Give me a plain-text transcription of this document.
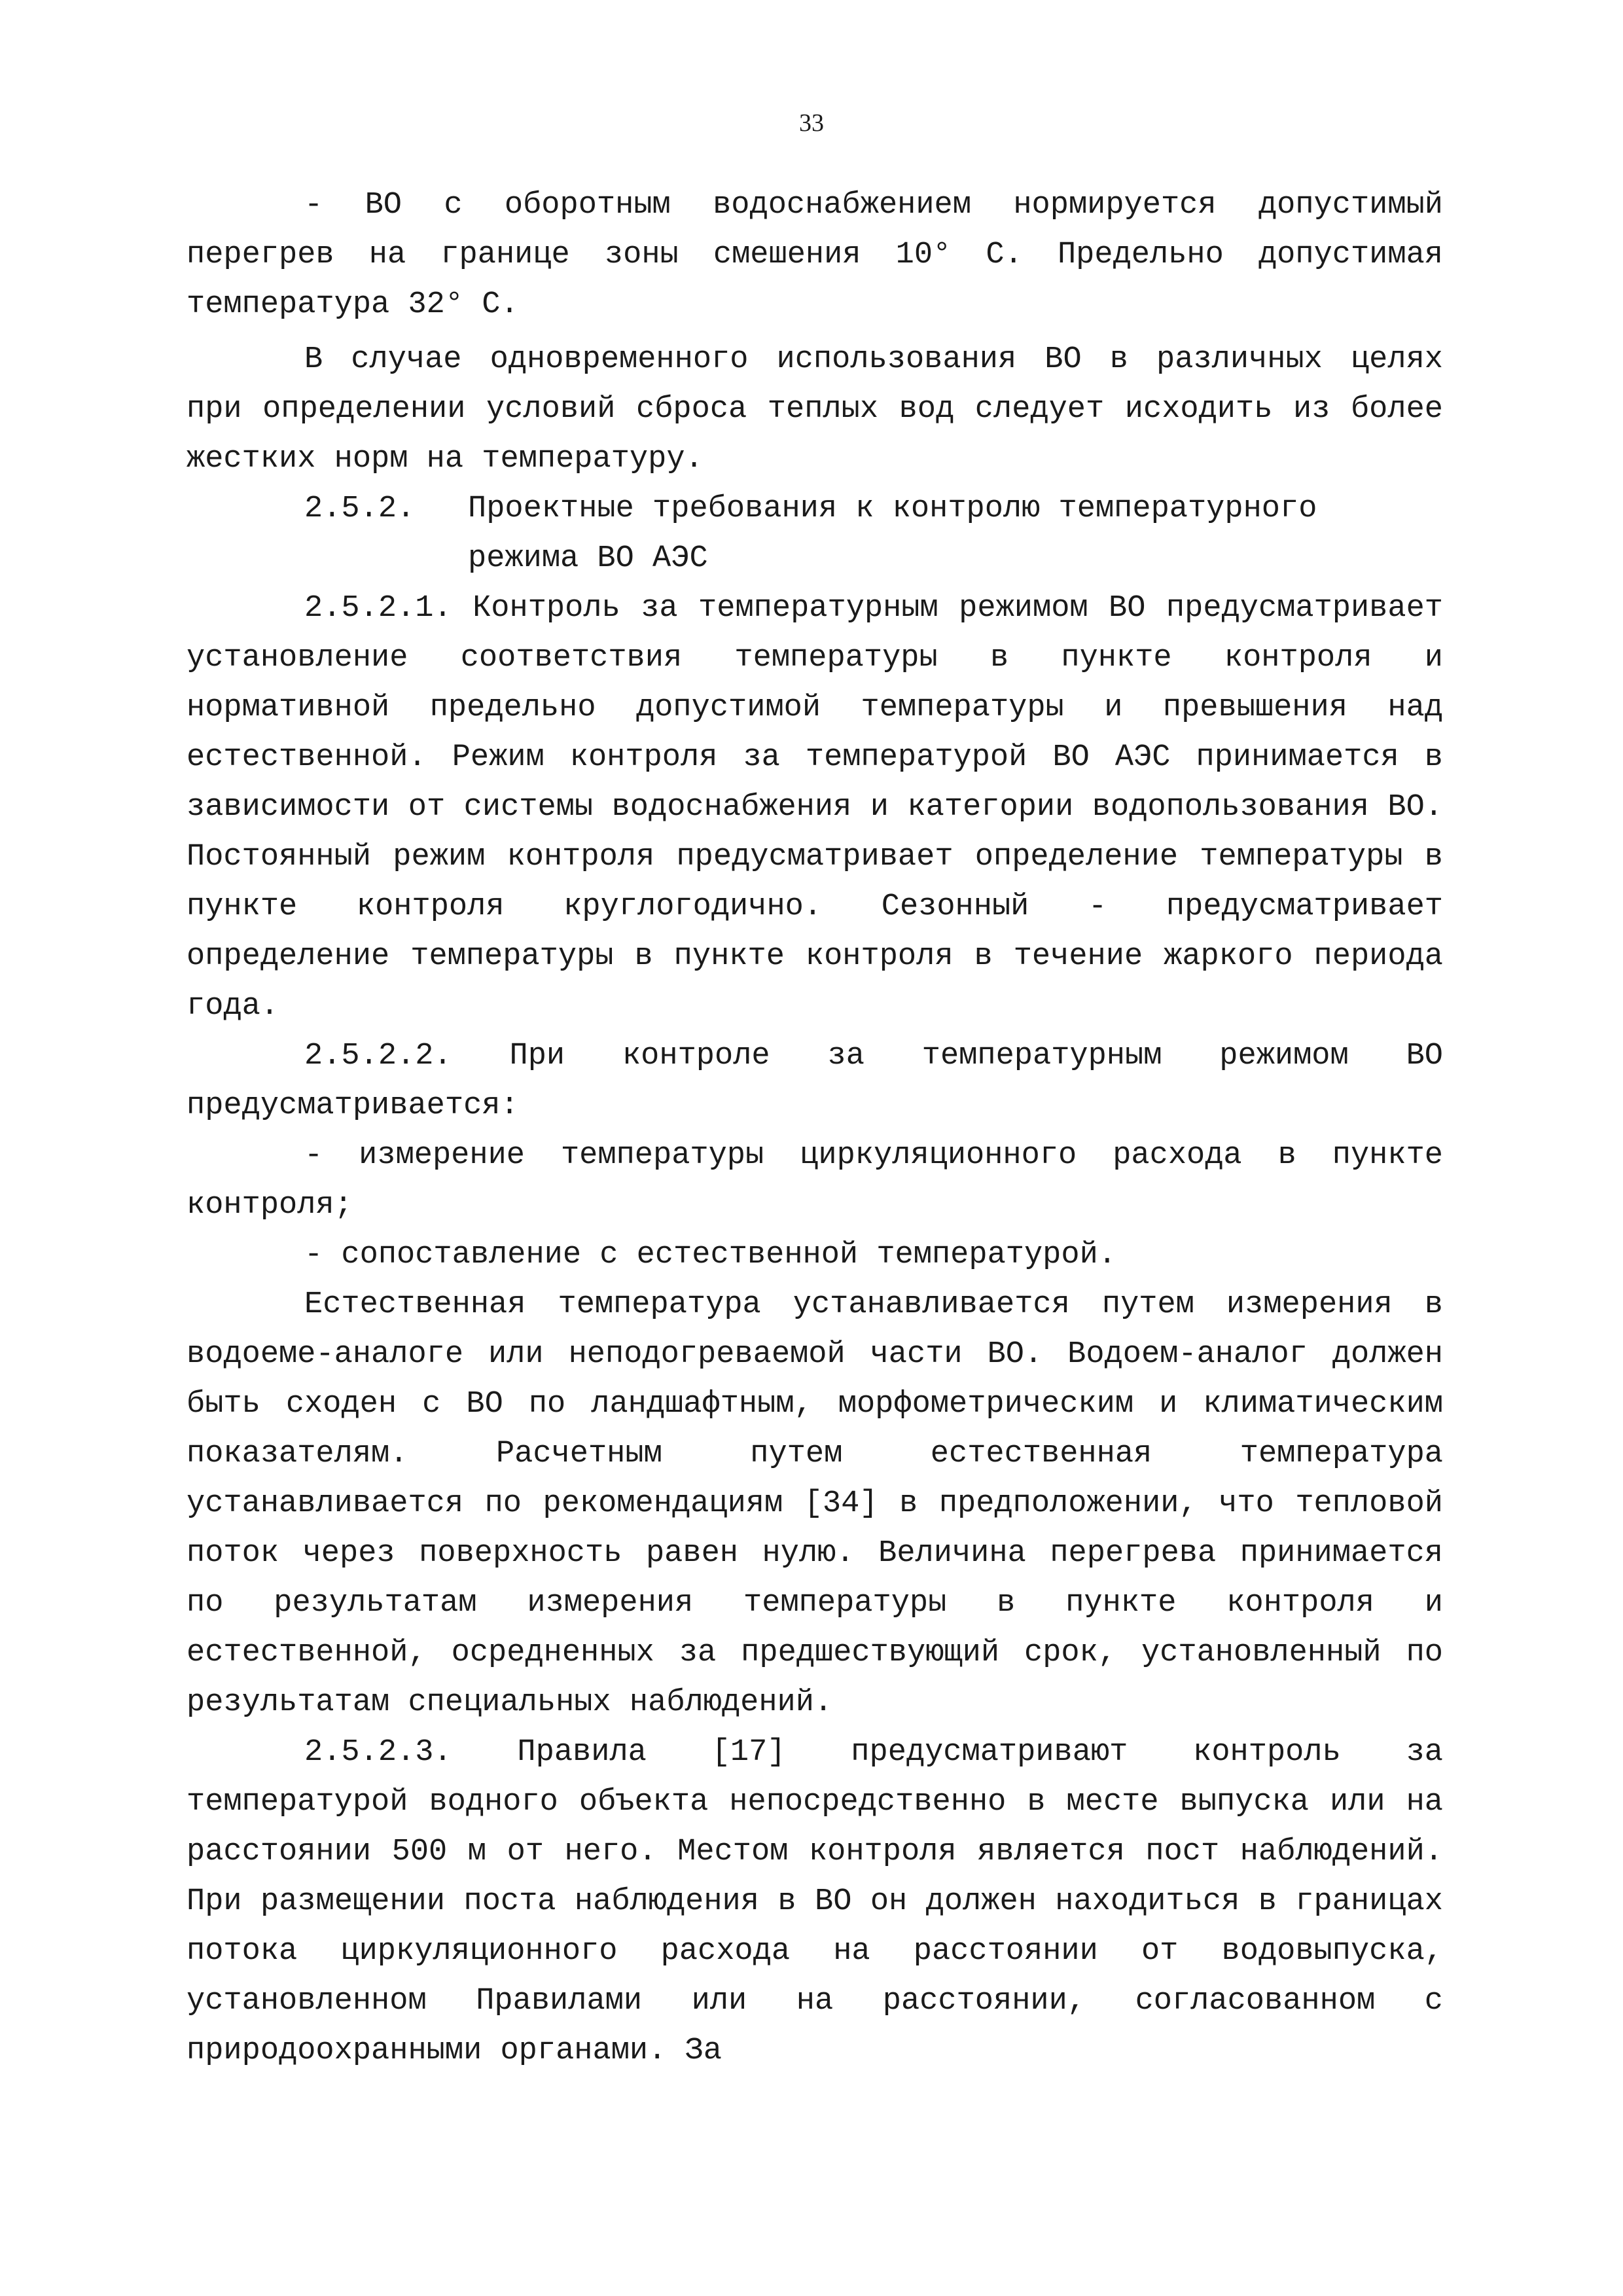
33

- ВО с оборотным водоснабжением нормируется допустимый перегрев на границе зоны смешения 10° С. Предельно допустимая температура 32° С.

В случае одновременного использования ВО в различных целях при определении условий сброса теплых вод следует исходить из более жестких норм на температуру.

2.5.2.	Проектные требования к контролю температурного
режима ВО АЭС

2.5.2.1. Контроль за температурным режимом ВО предусматривает установление соответствия температуры в пункте контроля и нормативной предельно допустимой температуры и превышения над естественной. Режим контроля за температурой ВО АЭС принимается в зависимости от системы водоснабжения и категории водопользования ВО. Постоянный режим контроля предусматривает определение температуры в пункте контроля круглогодично. Сезонный - предусматривает определение температуры в пункте контроля в течение жаркого периода года.

2.5.2.2. При контроле за температурным режимом ВО предусматривается:

- измерение температуры циркуляционного расхода в пункте контроля;

- сопоставление с естественной температурой.

Естественная температура устанавливается путем измерения в водоеме-аналоге или неподогреваемой части ВО. Водоем-аналог должен быть сходен с ВО по ландшафтным, морфометрическим и климатическим показателям. Расчетным путем естественная температура устанавливается по рекомендациям [34] в предположении, что тепловой поток через поверхность равен нулю. Величина перегрева принимается по результатам измерения температуры в пункте контроля и естественной, осредненных за предшествующий срок, установленный по результатам специальных наблюдений.

2.5.2.3. Правила [17] предусматривают контроль за температурой водного объекта непосредственно в месте выпуска или на расстоянии 500 м от него. Местом контроля является пост наблюдений. При размещении поста наблюдения в ВО он должен находиться в границах потока циркуляционного расхода на расстоянии от водовыпуска, установленном Правилами или на расстоянии, согласованном с природоохранными органами. За
